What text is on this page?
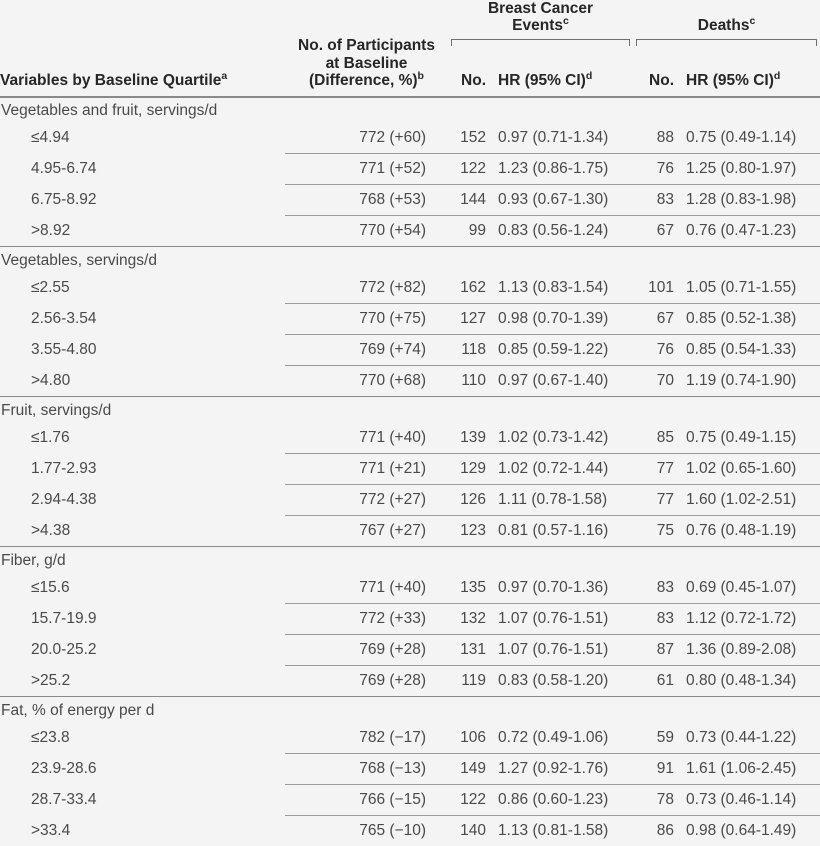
		Breast Cancer
Events$^c$		Deaths$^c$
	No. of Participants
at Baseline
(Difference, %)$^b$	

Variables by Baseline Quartile$^a$		No.	HR (95% CI)$^d$	No.	HR (95% CI)$^d$

Vegetables and fruit, servings/d					
≤4.94	772 (+60)	152	0.97 (0.71-1.34)	88	0.75 (0.49-1.14)

4.95-6.74	771 (+52)	122	1.23 (0.86-1.75)	76	1.25 (0.80-1.97)

6.75-8.92	768 (+53)	144	0.93 (0.67-1.30)	83	1.28 (0.83-1.98)

>8.92	770 (+54)	99	0.83 (0.56-1.24)	67	0.76 (0.47-1.23)

Vegetables, servings/d					
≤2.55	772 (+82)	162	1.13 (0.83-1.54)	101	1.05 (0.71-1.55)

2.56-3.54	770 (+75)	127	0.98 (0.70-1.39)	67	0.85 (0.52-1.38)

3.55-4.80	769 (+74)	118	0.85 (0.59-1.22)	76	0.85 (0.54-1.33)

>4.80	770 (+68)	110	0.97 (0.67-1.40)	70	1.19 (0.74-1.90)

Fruit, servings/d					
≤1.76	771 (+40)	139	1.02 (0.73-1.42)	85	0.75 (0.49-1.15)

1.77-2.93	771 (+21)	129	1.02 (0.72-1.44)	77	1.02 (0.65-1.60)

2.94-4.38	772 (+27)	126	1.11 (0.78-1.58)	77	1.60 (1.02-2.51)

>4.38	767 (+27)	123	0.81 (0.57-1.16)	75	0.76 (0.48-1.19)

Fiber, g/d					
≤15.6	771 (+40)	135	0.97 (0.70-1.36)	83	0.69 (0.45-1.07)

15.7-19.9	772 (+33)	132	1.07 (0.76-1.51)	83	1.12 (0.72-1.72)

20.0-25.2	769 (+28)	131	1.07 (0.76-1.51)	87	1.36 (0.89-2.08)

>25.2	769 (+28)	119	0.83 (0.58-1.20)	61	0.80 (0.48-1.34)

Fat, % of energy per d					
≤23.8	782 (−17)	106	0.72 (0.49-1.06)	59	0.73 (0.44-1.22)

23.9-28.6	768 (−13)	149	1.27 (0.92-1.76)	91	1.61 (1.06-2.45)

28.7-33.4	766 (−15)	122	0.86 (0.60-1.23)	78	0.73 (0.46-1.14)

>33.4	765 (−10)	140	1.13 (0.81-1.58)	86	0.98 (0.64-1.49)
